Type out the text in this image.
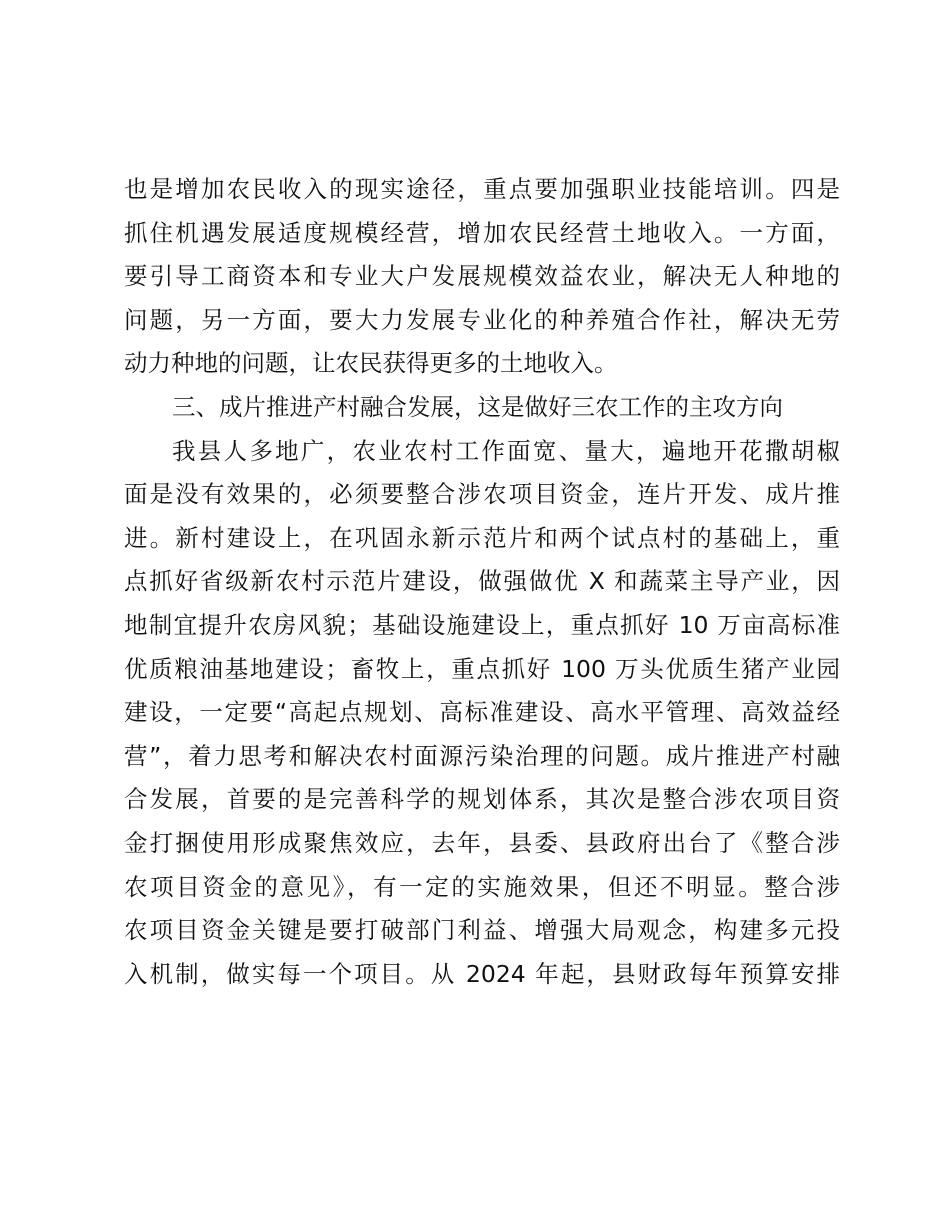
也是增加农民收入的现实途径，重点要加强职业技能培训。四是
抓住机遇发展适度规模经营，增加农民经营土地收入。一方面，
要引导工商资本和专业大户发展规模效益农业，解决无人种地的
问题，另一方面，要大力发展专业化的种养殖合作社，解决无劳
动力种地的问题，让农民获得更多的土地收入。
三、成片推进产村融合发展，这是做好三农工作的主攻方向
我县人多地广，农业农村工作面宽、量大，遍地开花撒胡椒
面是没有效果的，必须要整合涉农项目资金，连片开发、成片推
进。新村建设上，在巩固永新示范片和两个试点村的基础上，重
点抓好省级新农村示范片建设，做强做优 X 和蔬菜主导产业，因
地制宜提升农房风貌；基础设施建设上，重点抓好 10 万亩高标准
优质粮油基地建设；畜牧上，重点抓好 100 万头优质生猪产业园
建设，一定要“高起点规划、高标准建设、高水平管理、高效益经
营”，着力思考和解决农村面源污染治理的问题。成片推进产村融
合发展，首要的是完善科学的规划体系，其次是整合涉农项目资
金打捆使用形成聚焦效应，去年，县委、县政府出台了《整合涉
农项目资金的意见》，有一定的实施效果，但还不明显。整合涉
农项目资金关键是要打破部门利益、增强大局观念，构建多元投
入机制，做实每一个项目。从 2024 年起，县财政每年预算安排
